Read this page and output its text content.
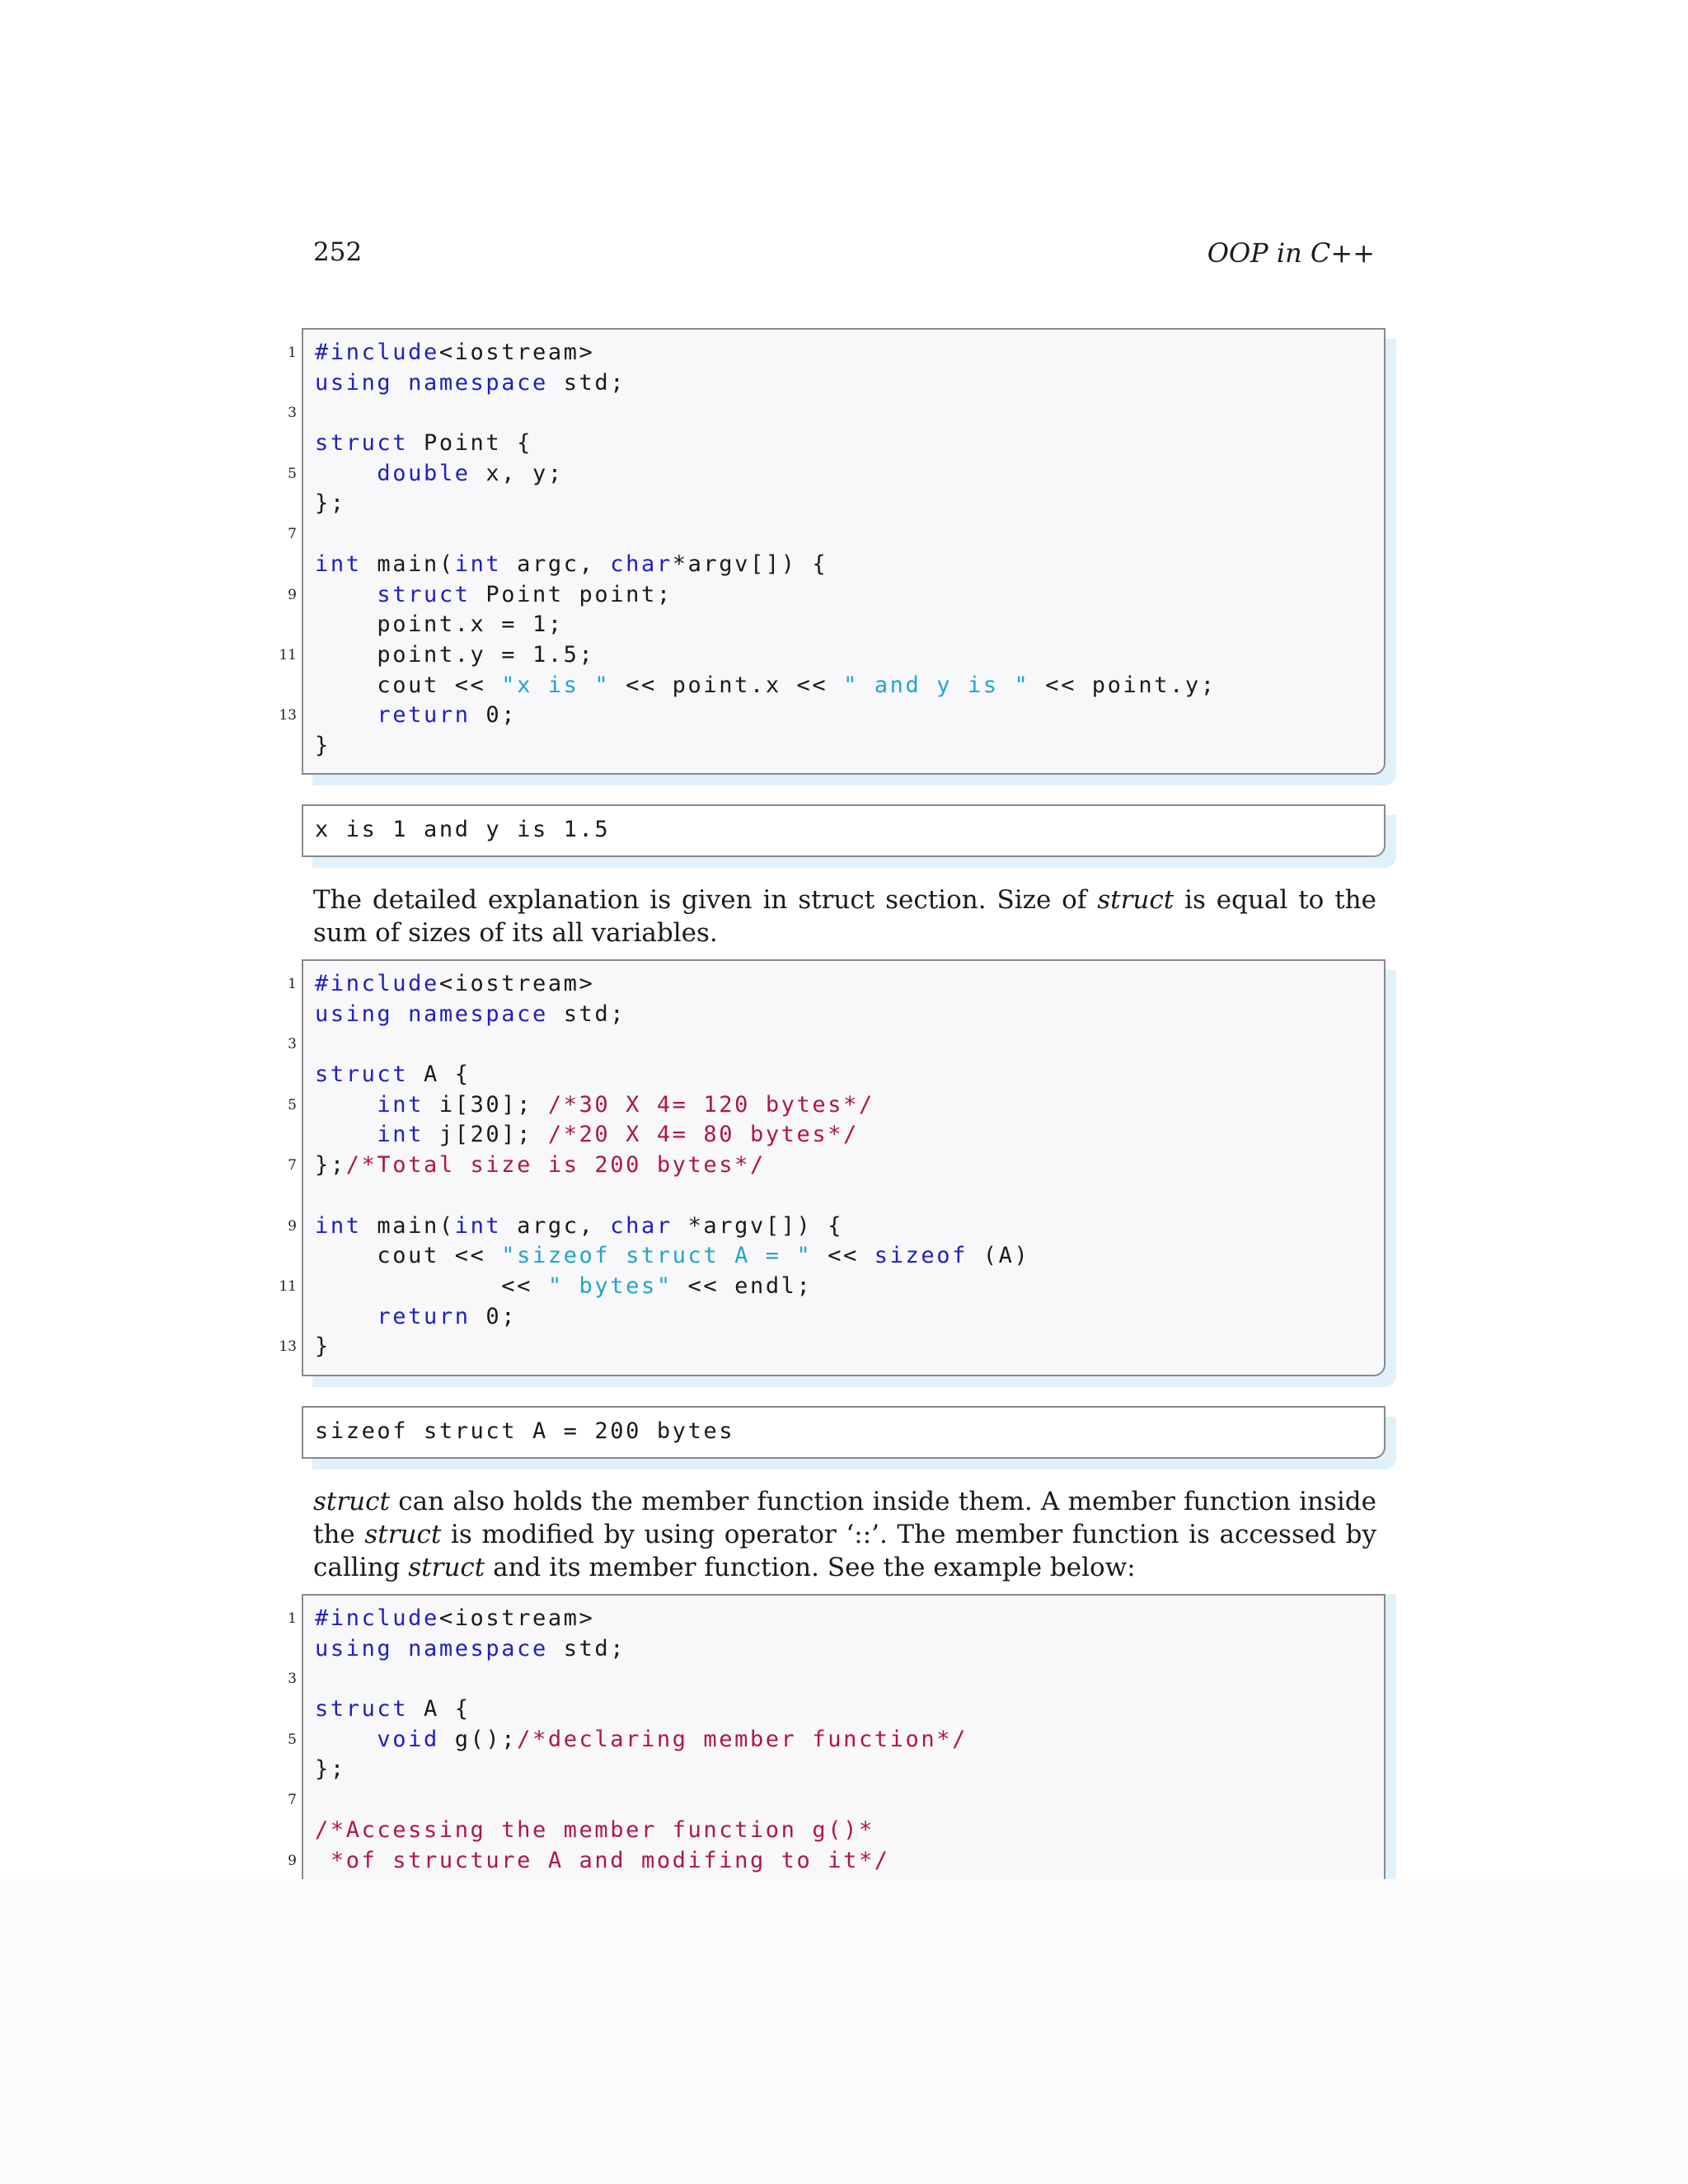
252	OOP in C++
1 #include<iostream>
using namespace std;
3
struct Point {
5	double x, y;
};
7
int main(int argc, char*argv[]) {
9	struct Point point;
point.x = 1;
11 point.y = 1.5;
cout << "x is " << point.x << " and y is " << point.y;
13	return 0;
}
x is 1 and y is 1.5
The detailed explanation is given in struct section. Size of struct is equal to the sum of sizes of its all variables.
1 #include<iostream>
using namespace std;
3
struct A {
5	int i[30]; /*30 X 4= 120 bytes*/
int j[20]; /*20 X 4= 80 bytes*/
7 };/*Total size is 200 bytes*/
9 int main(int argc, char *argv[]) {
cout << "sizeof struct A = " << sizeof (A)
11 << " bytes" << endl;
return 0;
13 }
sizeof struct A = 200 bytes
struct can also holds the member function inside them. A member function inside the struct is modified by using operator ‘::’. The member function is accessed by calling struct and its member function. See the example below:
1 #include<iostream>
using namespace std;
3
struct A {
5	void g();/*declaring member function*/
};
7
/*Accessing the member function g()*
9 *of structure A and modifing to it*/
